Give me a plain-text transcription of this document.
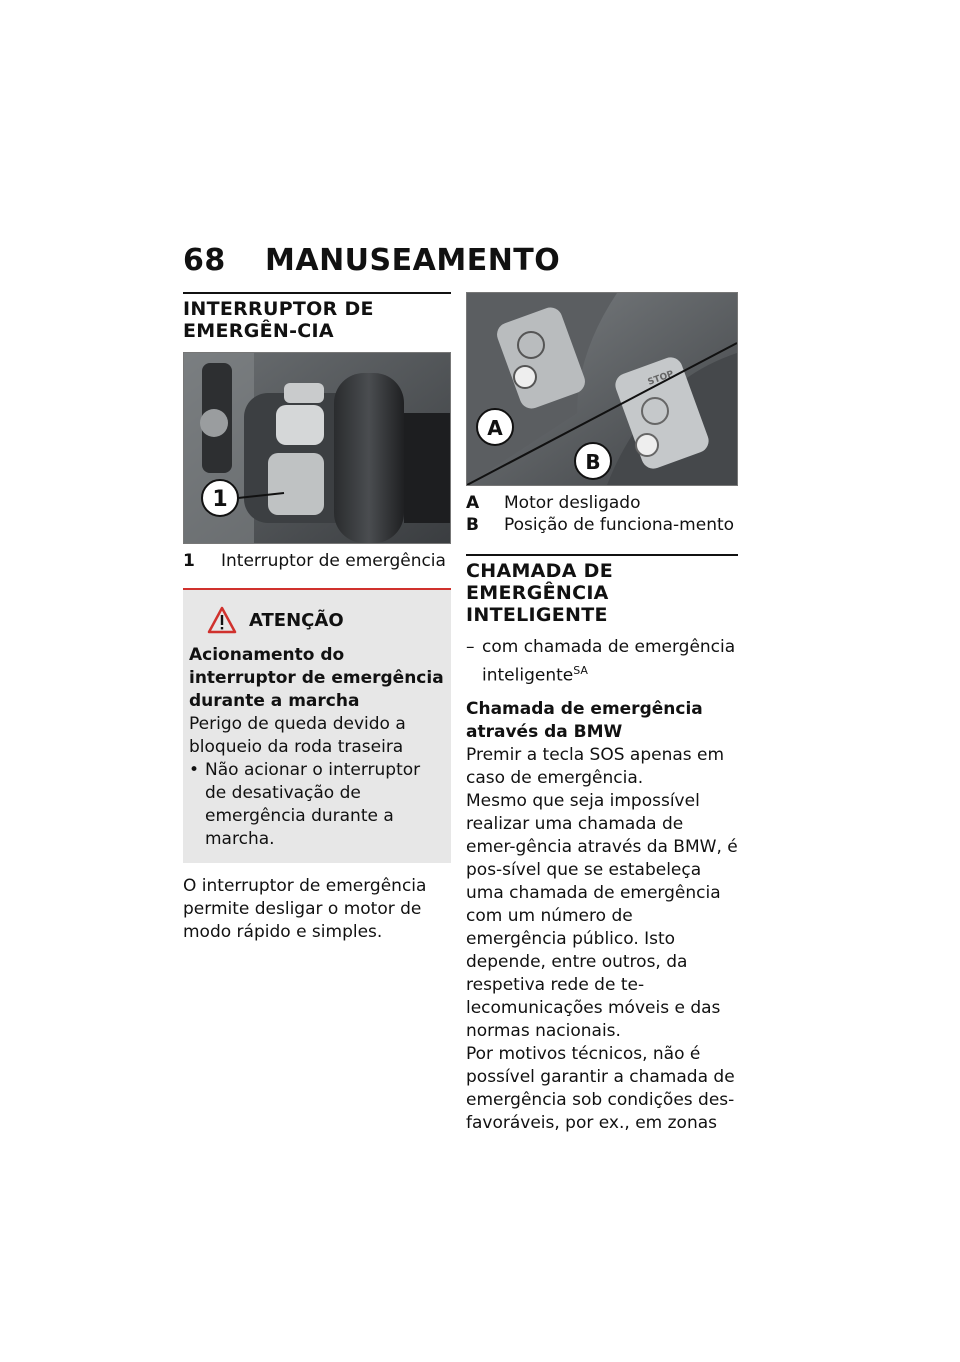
68 MANUSEAMENTO
INTERRUPTOR DE EMERGÊN-CIA
1
1	Interruptor de emergência
ATENÇÃO
Acionamento do interruptor de emergência durante a marcha

Perigo de queda devido a bloqueio da roda traseira

• Não acionar o interruptor de desativação de emergência durante a marcha.

O interruptor de emergência permite desligar o motor de modo rápido e simples.

STOP
A
B
A	Motor desligado
B	Posição de funciona-mento
CHAMADA DE EMERGÊNCIA INTELIGENTE
– com chamada de emergência inteligente$^{SA}$
Chamada de emergência através da BMW

Premir a tecla SOS apenas em caso de emergência.

Mesmo que seja impossível realizar uma chamada de emer-gência através da BMW, é pos-sível que se estabeleça uma chamada de emergência com um número de emergência público. Isto depende, entre outros, da respetiva rede de te-lecomunicações móveis e das normas nacionais.

Por motivos técnicos, não é possível garantir a chamada de emergência sob condições des-favoráveis, por ex., em zonas
